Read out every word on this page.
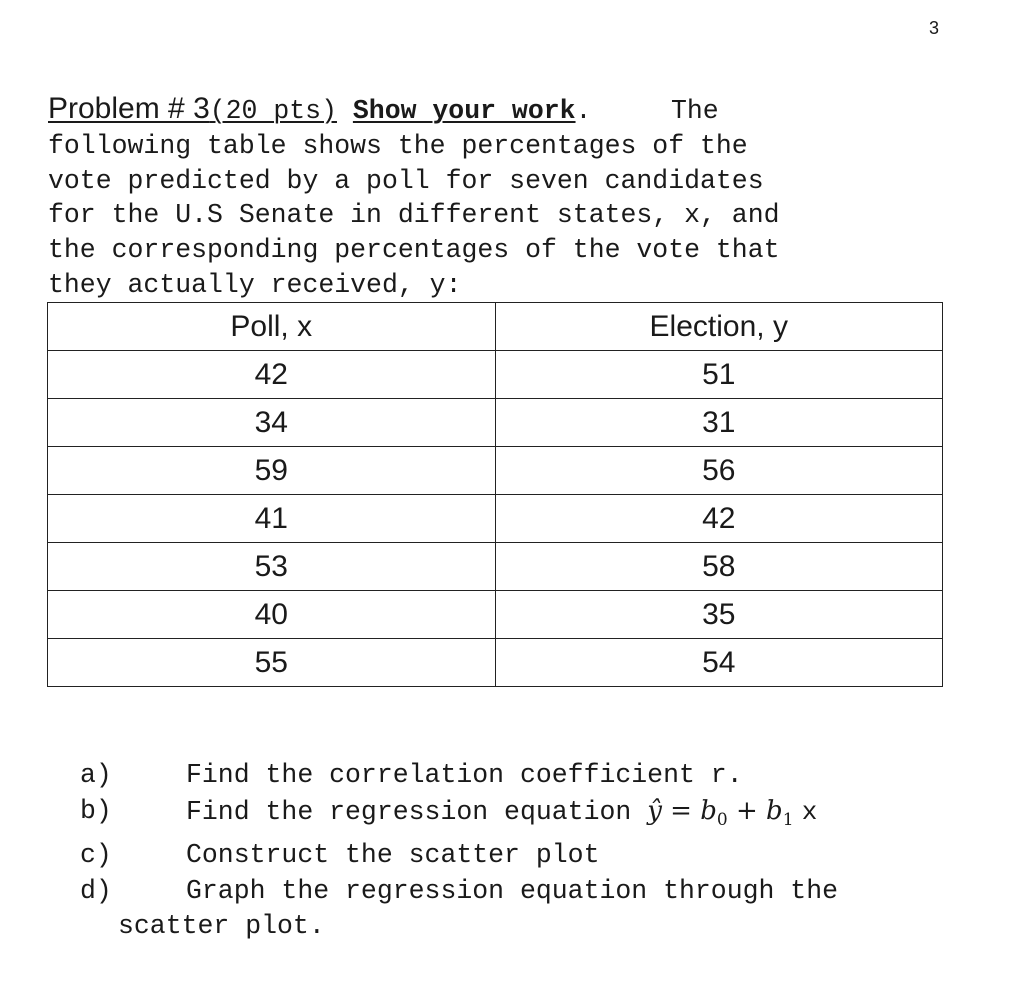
3
Problem # 3(20 pts) Show your work.     The
following table shows the percentages of the
vote predicted by a poll for seven candidates
for the U.S Senate in different states, x, and
the corresponding percentages of the vote that
they actually received, y:
Poll, x	Election, y
42	51
34	31
59	56
41	42
53	58
40	35
55	54
a)	Find the correlation coefficient r.
b)	Find the regression equation ŷ = $b_0 + b_1$ x
c)	Construct the scatter plot
d)	Graph the regression equation through the
scatter plot.
